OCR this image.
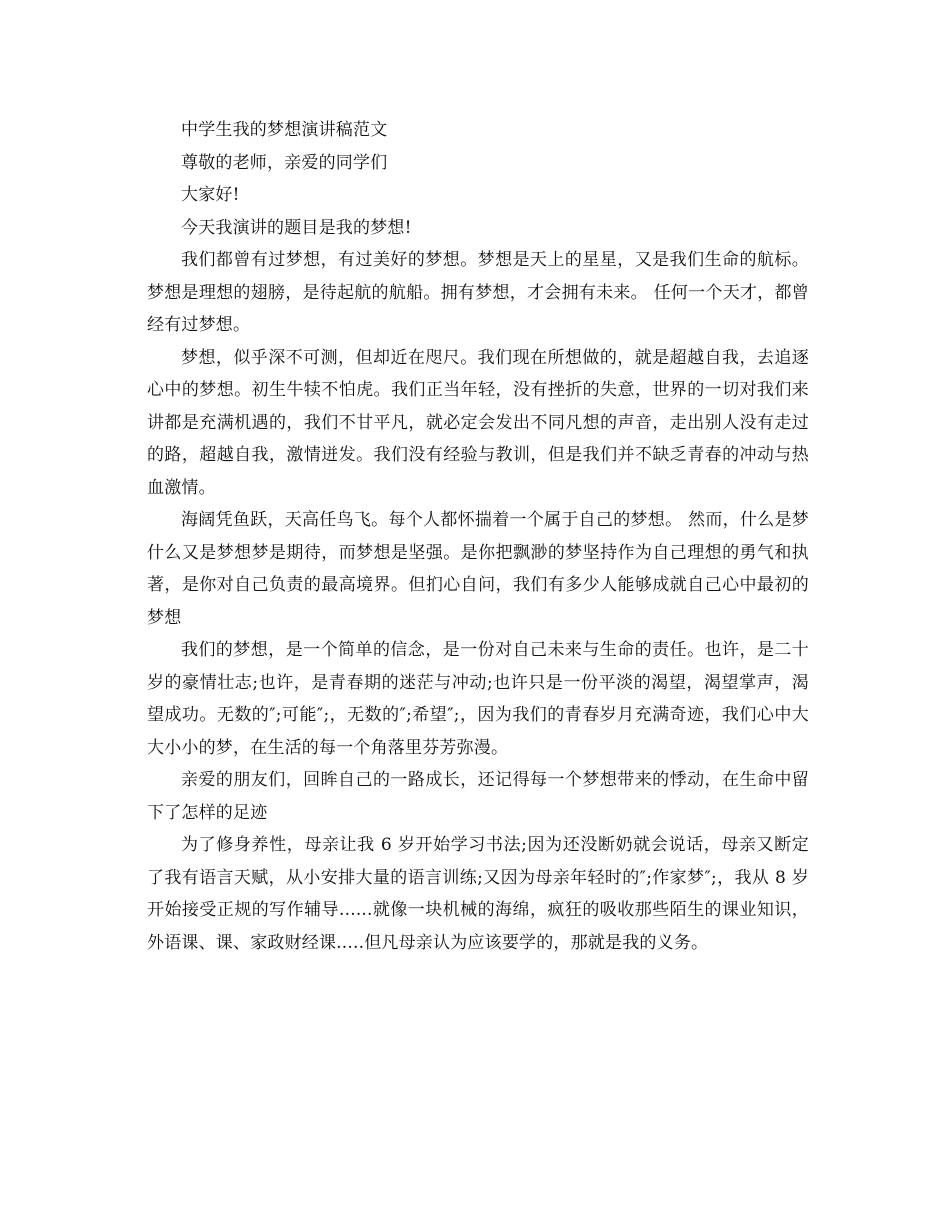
中学生我的梦想演讲稿范文

尊敬的老师，亲爱的同学们

大家好!

今天我演讲的题目是我的梦想!

我们都曾有过梦想，有过美好的梦想。梦想是天上的星星，又是我们生命的航标。梦想是理想的翅膀，是待起航的航船。拥有梦想，才会拥有未来。 任何一个天才，都曾经有过梦想。

梦想，似乎深不可测，但却近在咫尺。我们现在所想做的，就是超越自我，去追逐心中的梦想。初生牛犊不怕虎。我们正当年轻，没有挫折的失意，世界的一切对我们来讲都是充满机遇的，我们不甘平凡，就必定会发出不同凡想的声音，走出别人没有走过的路，超越自我，激情迸发。我们没有经验与教训，但是我们并不缺乏青春的冲动与热血激情。

海阔凭鱼跃，天高任鸟飞。每个人都怀揣着一个属于自己的梦想。 然而，什么是梦什么又是梦想梦是期待，而梦想是坚强。是你把飘渺的梦坚持作为自己理想的勇气和执著，是你对自己负责的最高境界。但扪心自问，我们有多少人能够成就自己心中最初的梦想

我们的梦想，是一个简单的信念，是一份对自己未来与生命的责任。也许，是二十岁的豪情壮志;也许，是青春期的迷茫与冲动;也许只是一份平淡的渴望，渴望掌声，渴望成功。无数的″;可能″;，无数的″;希望″;，因为我们的青春岁月充满奇迹，我们心中大大小小的梦，在生活的每一个角落里芬芳弥漫。

亲爱的朋友们，回眸自己的一路成长，还记得每一个梦想带来的悸动，在生命中留下了怎样的足迹

为了修身养性，母亲让我 6 岁开始学习书法;因为还没断奶就会说话，母亲又断定了我有语言天赋，从小安排大量的语言训练;又因为母亲年轻时的″;作家梦″;，我从 8 岁开始接受正规的写作辅导......就像一块机械的海绵，疯狂的吸收那些陌生的课业知识，外语课、课、家政财经课.....但凡母亲认为应该要学的，那就是我的义务。
